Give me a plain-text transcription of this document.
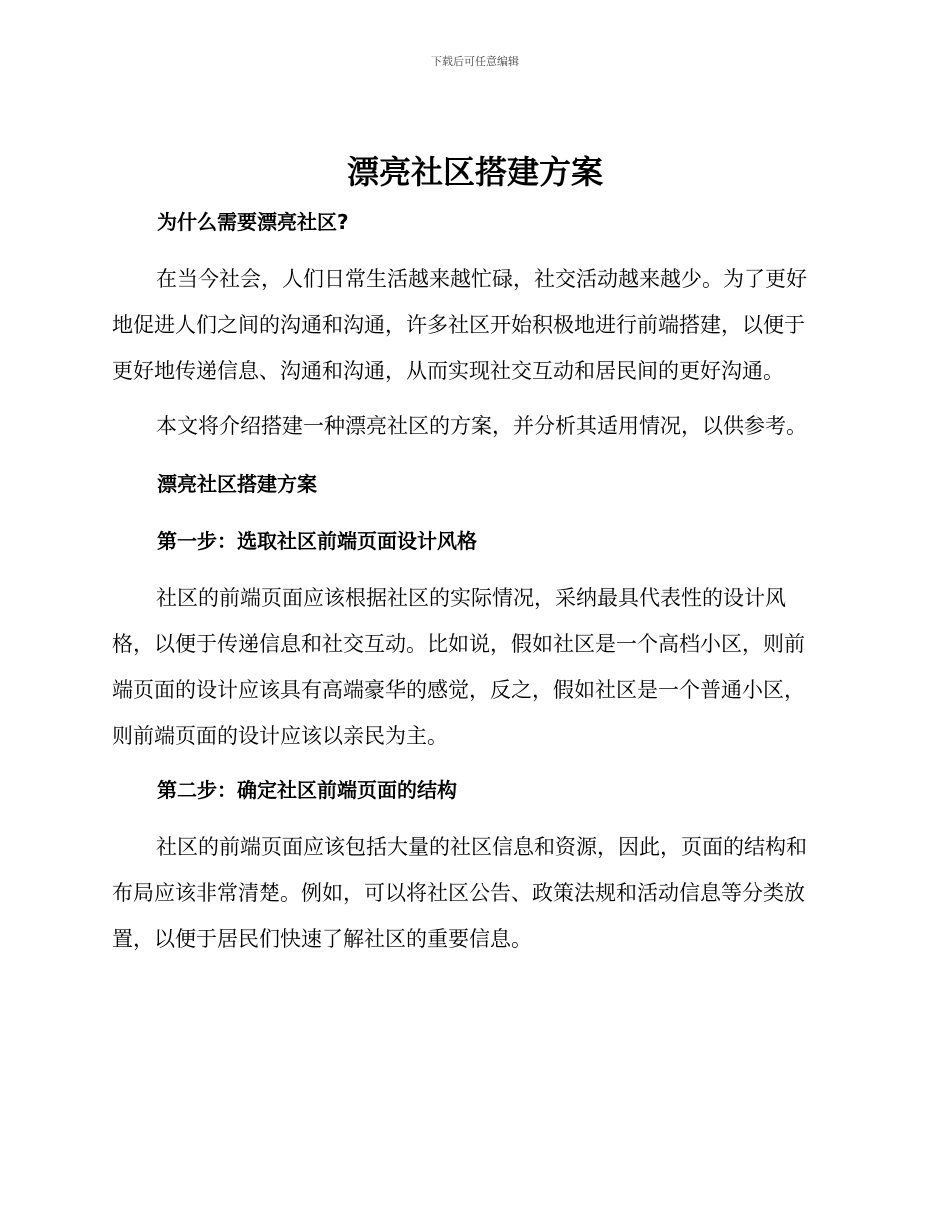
下载后可任意编辑
漂亮社区搭建方案
为什么需要漂亮社区?
在当今社会，人们日常生活越来越忙碌，社交活动越来越少。为了更好
地促进人们之间的沟通和沟通，许多社区开始积极地进行前端搭建，以便于
更好地传递信息、沟通和沟通，从而实现社交互动和居民间的更好沟通。
本文将介绍搭建一种漂亮社区的方案，并分析其适用情况，以供参考。
漂亮社区搭建方案
第一步：选取社区前端页面设计风格
社区的前端页面应该根据社区的实际情况，采纳最具代表性的设计风
格，以便于传递信息和社交互动。比如说，假如社区是一个高档小区，则前
端页面的设计应该具有高端豪华的感觉，反之，假如社区是一个普通小区，
则前端页面的设计应该以亲民为主。
第二步：确定社区前端页面的结构
社区的前端页面应该包括大量的社区信息和资源，因此，页面的结构和
布局应该非常清楚。例如，可以将社区公告、政策法规和活动信息等分类放
置，以便于居民们快速了解社区的重要信息。
